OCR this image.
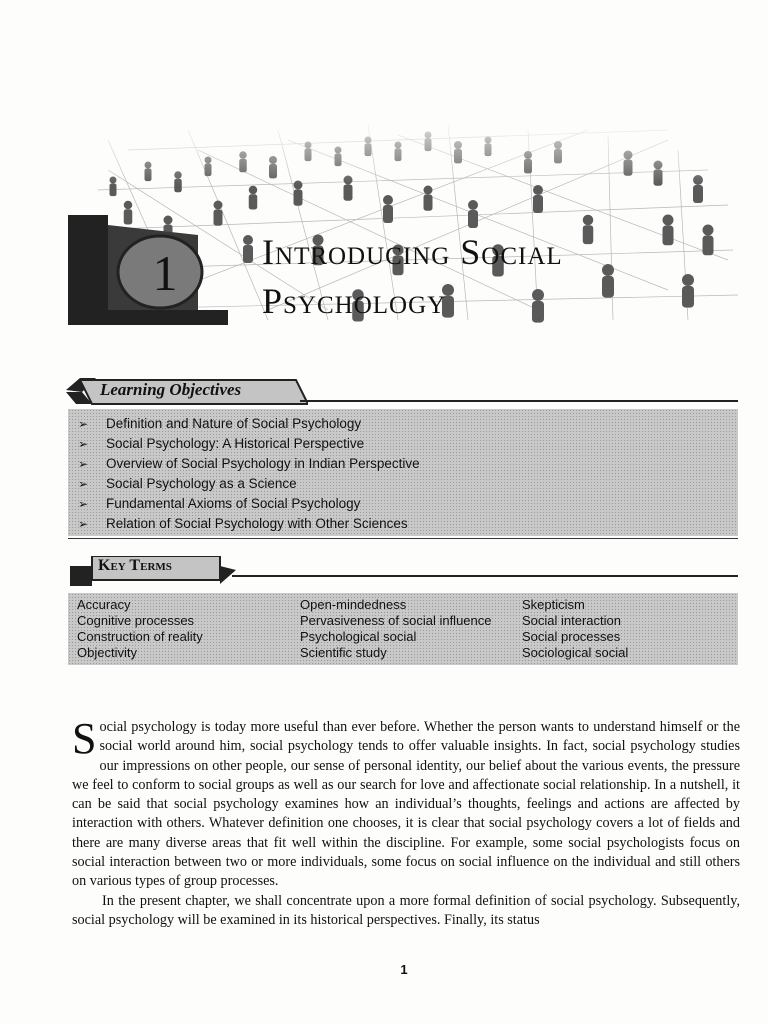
1	Introducing Social
Psychology
Learning Objectives
➢ Definition and Nature of Social Psychology
➢ Social Psychology: A Historical Perspective
➢ Overview of Social Psychology in Indian Perspective
➢ Social Psychology as a Science
➢ Fundamental Axioms of Social Psychology
➢ Relation of Social Psychology with Other Sciences
Key Terms
Accuracy
Cognitive processes
Construction of reality
Objectivity
Open-mindedness
Pervasiveness of social influence
Psychological social
Scientific study
Skepticism
Social interaction
Social processes
Sociological social

Social psychology is today more useful than ever before. Whether the person wants to understand himself or the social world around him, social psychology tends to offer valuable insights. In fact, social psychology studies our impressions on other people, our sense of personal identity, our belief about the various events, the pressure we feel to conform to social groups as well as our search for love and affectionate social relationship. In a nutshell, it can be said that social psychology examines how an individual’s thoughts, feelings and actions are affected by interaction with others. Whatever definition one chooses, it is clear that social psychology covers a lot of fields and there are many diverse areas that fit well within the discipline. For example, some social psychologists focus on social interaction between two or more individuals, some focus on social influence on the individual and still others on various types of group processes.

In the present chapter, we shall concentrate upon a more formal definition of social psychology. Subsequently, social psychology will be examined in its historical perspectives. Finally, its status

1
